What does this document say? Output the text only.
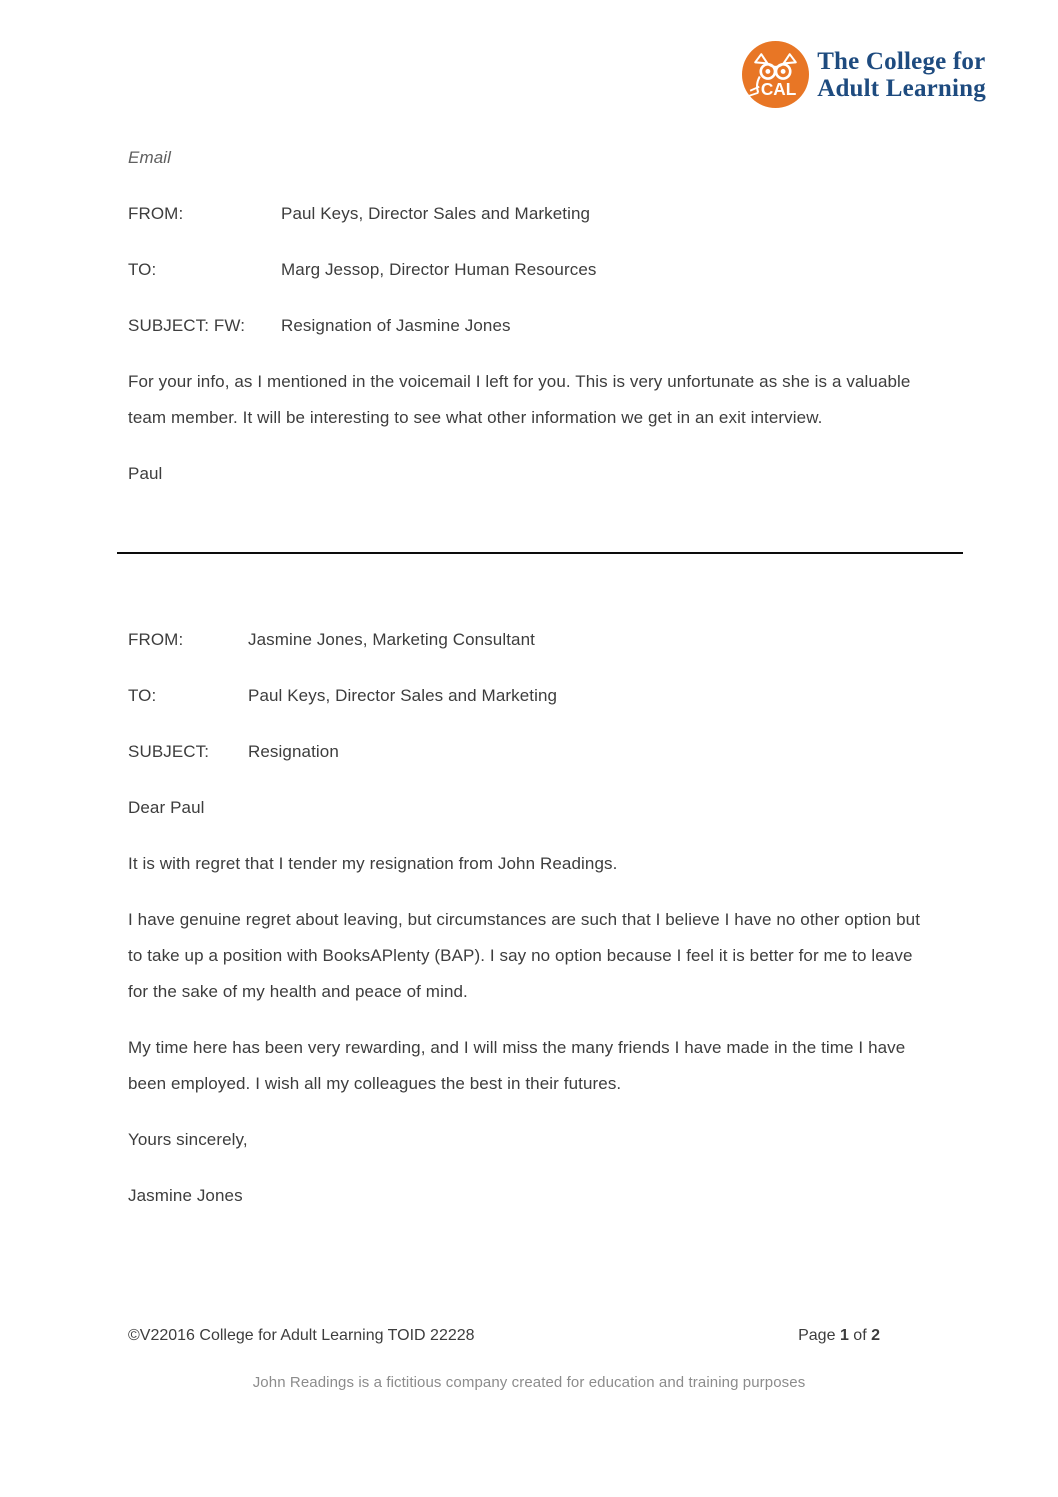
CAL
The College for
Adult Learning
Email
FROM:	Paul Keys, Director Sales and Marketing
TO:	Marg Jessop, Director Human Resources
SUBJECT: FW:	Resignation of Jasmine Jones

For your info, as I mentioned in the voicemail I left for you. This is very unfortunate as she is a valuable team member. It will be interesting to see what other information we get in an exit interview.

Paul

FROM:	Jasmine Jones, Marketing Consultant
TO:	Paul Keys, Director Sales and Marketing
SUBJECT:	Resignation

Dear Paul

It is with regret that I tender my resignation from John Readings.

I have genuine regret about leaving, but circumstances are such that I believe I have no other option but to take up a position with BooksAPlenty (BAP). I say no option because I feel it is better for me to leave for the sake of my health and peace of mind.

My time here has been very rewarding, and I will miss the many friends I have made in the time I have been employed. I wish all my colleagues the best in their futures.

Yours sincerely,

Jasmine Jones

©V22016 College for Adult Learning TOID 22228	Page 1 of 2
John Readings is a fictitious company created for education and training purposes
